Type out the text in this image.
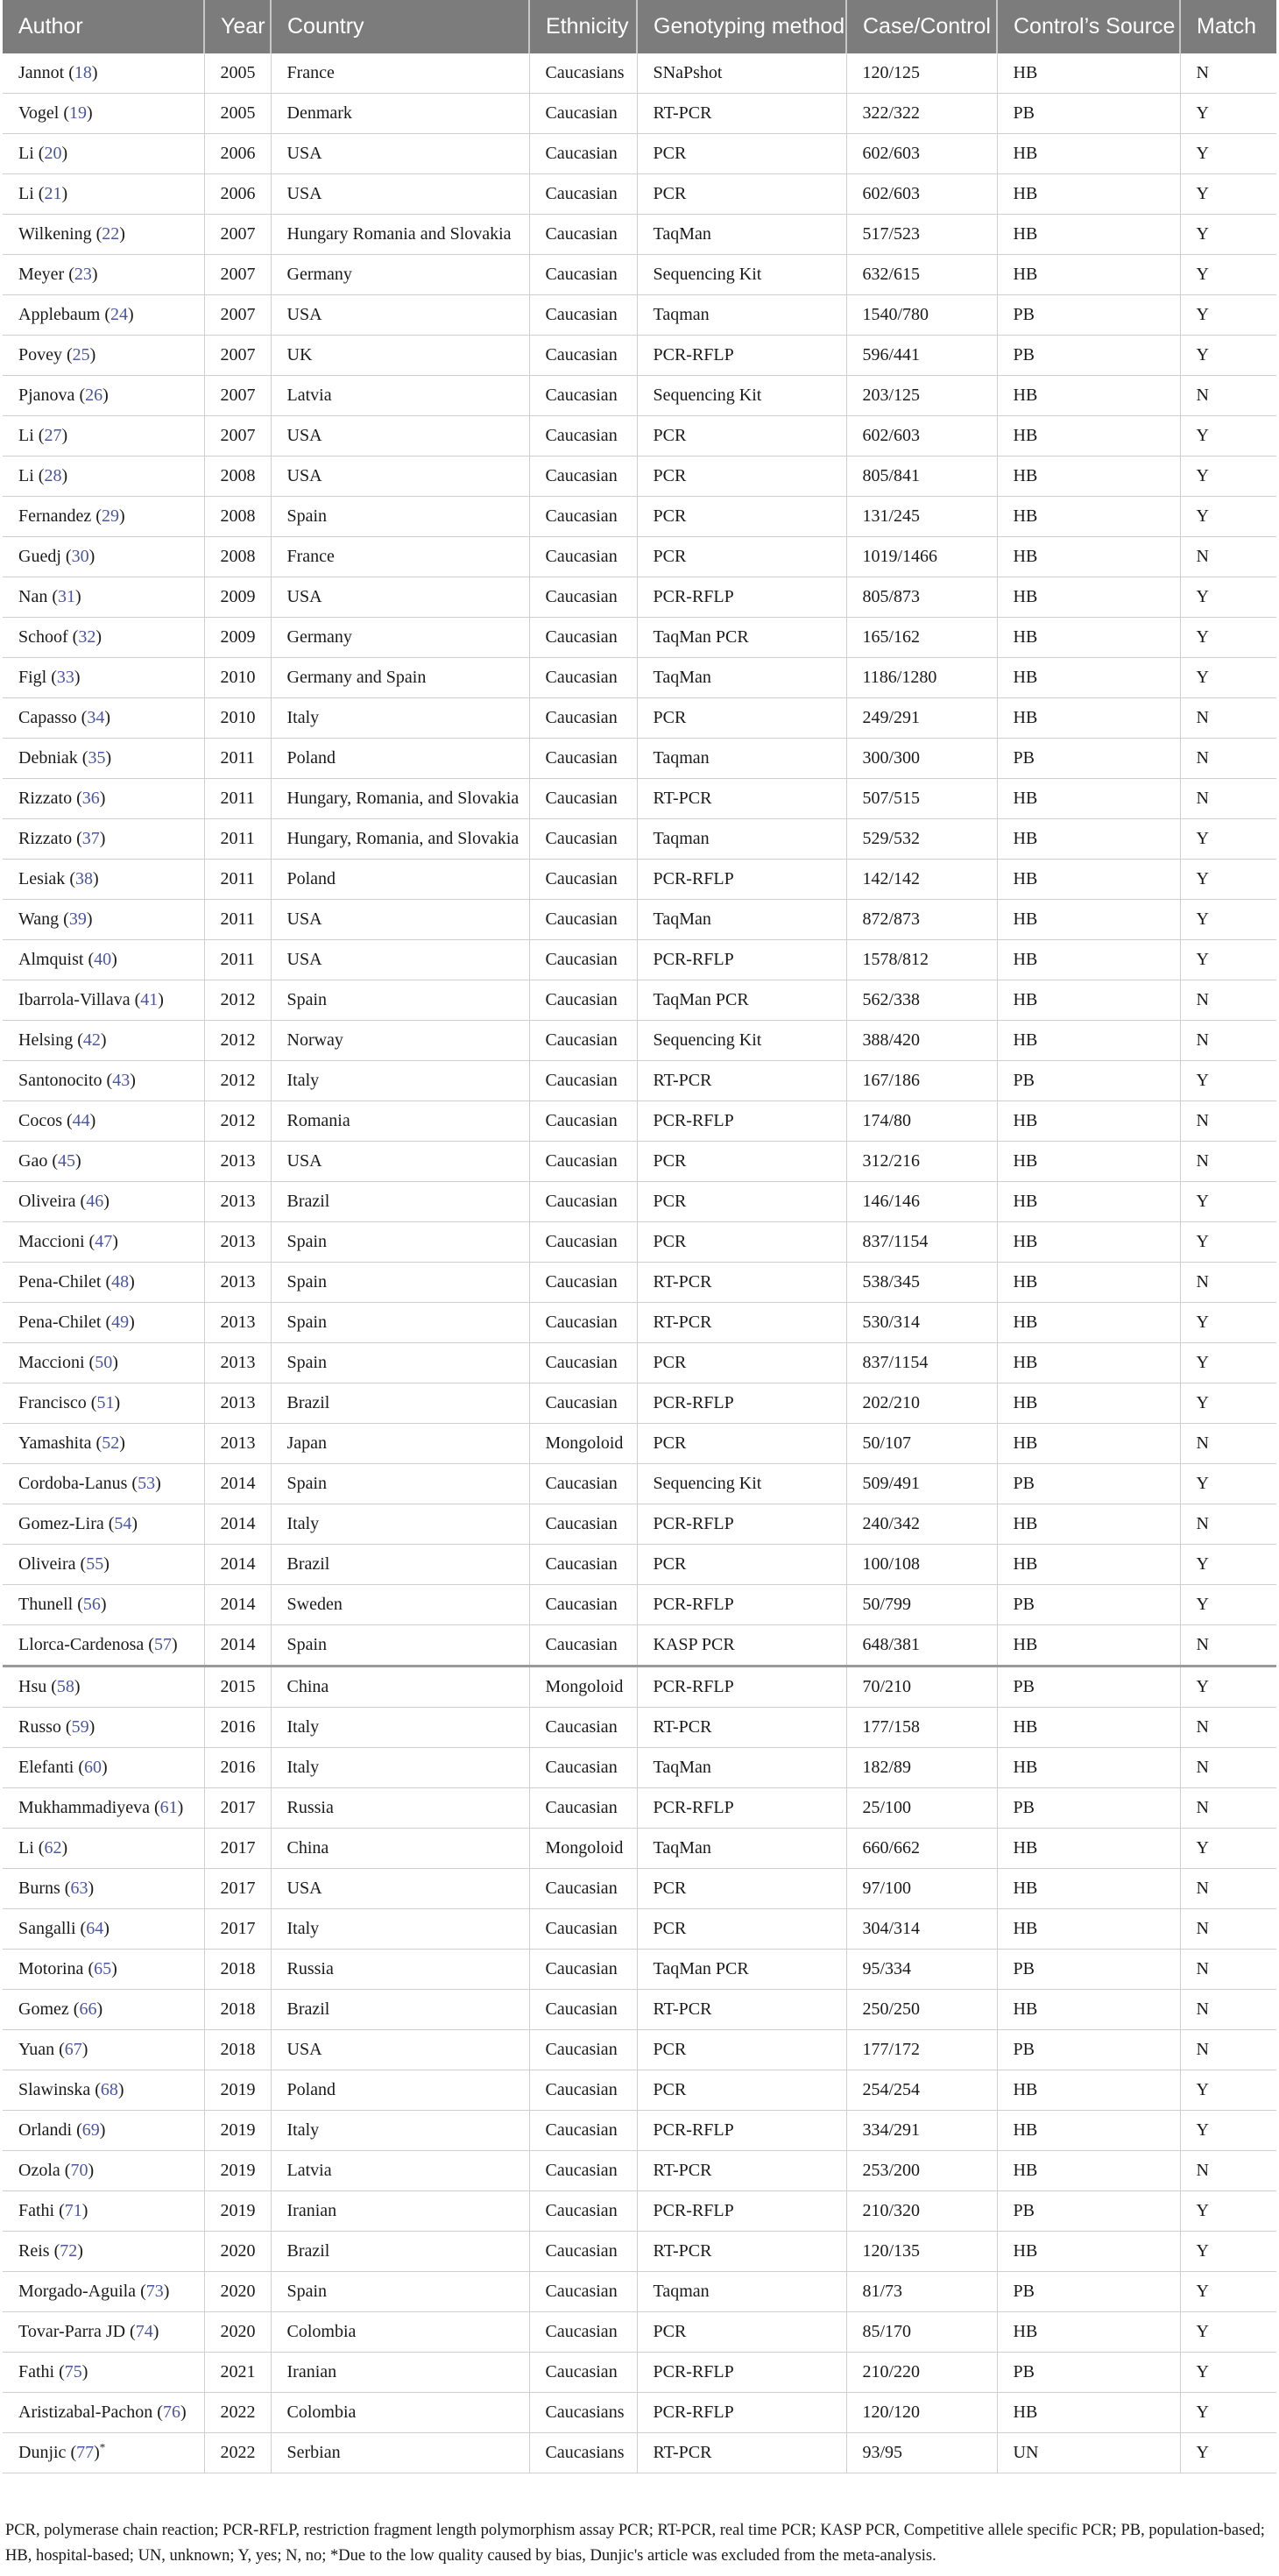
Author	Year	Country	Ethnicity	Genotyping method	Case/Control	Control’s Source	Match
Jannot (18)	2005	France	Caucasians	SNaPshot	120/125	HB	N
Vogel (19)	2005	Denmark	Caucasian	RT-PCR	322/322	PB	Y
Li (20)	2006	USA	Caucasian	PCR	602/603	HB	Y
Li (21)	2006	USA	Caucasian	PCR	602/603	HB	Y
Wilkening (22)	2007	Hungary Romania and Slovakia	Caucasian	TaqMan	517/523	HB	Y
Meyer (23)	2007	Germany	Caucasian	Sequencing Kit	632/615	HB	Y
Applebaum (24)	2007	USA	Caucasian	Taqman	1540/780	PB	Y
Povey (25)	2007	UK	Caucasian	PCR-RFLP	596/441	PB	Y
Pjanova (26)	2007	Latvia	Caucasian	Sequencing Kit	203/125	HB	N
Li (27)	2007	USA	Caucasian	PCR	602/603	HB	Y
Li (28)	2008	USA	Caucasian	PCR	805/841	HB	Y
Fernandez (29)	2008	Spain	Caucasian	PCR	131/245	HB	Y
Guedj (30)	2008	France	Caucasian	PCR	1019/1466	HB	N
Nan (31)	2009	USA	Caucasian	PCR-RFLP	805/873	HB	Y
Schoof (32)	2009	Germany	Caucasian	TaqMan PCR	165/162	HB	Y
Figl (33)	2010	Germany and Spain	Caucasian	TaqMan	1186/1280	HB	Y
Capasso (34)	2010	Italy	Caucasian	PCR	249/291	HB	N
Debniak (35)	2011	Poland	Caucasian	Taqman	300/300	PB	N
Rizzato (36)	2011	Hungary, Romania, and Slovakia	Caucasian	RT-PCR	507/515	HB	N
Rizzato (37)	2011	Hungary, Romania, and Slovakia	Caucasian	Taqman	529/532	HB	Y
Lesiak (38)	2011	Poland	Caucasian	PCR-RFLP	142/142	HB	Y
Wang (39)	2011	USA	Caucasian	TaqMan	872/873	HB	Y
Almquist (40)	2011	USA	Caucasian	PCR-RFLP	1578/812	HB	Y
Ibarrola-Villava (41)	2012	Spain	Caucasian	TaqMan PCR	562/338	HB	N
Helsing (42)	2012	Norway	Caucasian	Sequencing Kit	388/420	HB	N
Santonocito (43)	2012	Italy	Caucasian	RT-PCR	167/186	PB	Y
Cocos (44)	2012	Romania	Caucasian	PCR-RFLP	174/80	HB	N
Gao (45)	2013	USA	Caucasian	PCR	312/216	HB	N
Oliveira (46)	2013	Brazil	Caucasian	PCR	146/146	HB	Y
Maccioni (47)	2013	Spain	Caucasian	PCR	837/1154	HB	Y
Pena-Chilet (48)	2013	Spain	Caucasian	RT-PCR	538/345	HB	N
Pena-Chilet (49)	2013	Spain	Caucasian	RT-PCR	530/314	HB	Y
Maccioni (50)	2013	Spain	Caucasian	PCR	837/1154	HB	Y
Francisco (51)	2013	Brazil	Caucasian	PCR-RFLP	202/210	HB	Y
Yamashita (52)	2013	Japan	Mongoloid	PCR	50/107	HB	N
Cordoba-Lanus (53)	2014	Spain	Caucasian	Sequencing Kit	509/491	PB	Y
Gomez-Lira (54)	2014	Italy	Caucasian	PCR-RFLP	240/342	HB	N
Oliveira (55)	2014	Brazil	Caucasian	PCR	100/108	HB	Y
Thunell (56)	2014	Sweden	Caucasian	PCR-RFLP	50/799	PB	Y
Llorca-Cardenosa (57)	2014	Spain	Caucasian	KASP PCR	648/381	HB	N
Hsu (58)	2015	China	Mongoloid	PCR-RFLP	70/210	PB	Y
Russo (59)	2016	Italy	Caucasian	RT-PCR	177/158	HB	N
Elefanti (60)	2016	Italy	Caucasian	TaqMan	182/89	HB	N
Mukhammadiyeva (61)	2017	Russia	Caucasian	PCR-RFLP	25/100	PB	N
Li (62)	2017	China	Mongoloid	TaqMan	660/662	HB	Y
Burns (63)	2017	USA	Caucasian	PCR	97/100	HB	N
Sangalli (64)	2017	Italy	Caucasian	PCR	304/314	HB	N
Motorina (65)	2018	Russia	Caucasian	TaqMan PCR	95/334	PB	N
Gomez (66)	2018	Brazil	Caucasian	RT-PCR	250/250	HB	N
Yuan (67)	2018	USA	Caucasian	PCR	177/172	PB	N
Slawinska (68)	2019	Poland	Caucasian	PCR	254/254	HB	Y
Orlandi (69)	2019	Italy	Caucasian	PCR-RFLP	334/291	HB	Y
Ozola (70)	2019	Latvia	Caucasian	RT-PCR	253/200	HB	N
Fathi (71)	2019	Iranian	Caucasian	PCR-RFLP	210/320	PB	Y
Reis (72)	2020	Brazil	Caucasian	RT-PCR	120/135	HB	Y
Morgado-Aguila (73)	2020	Spain	Caucasian	Taqman	81/73	PB	Y
Tovar-Parra JD (74)	2020	Colombia	Caucasian	PCR	85/170	HB	Y
Fathi (75)	2021	Iranian	Caucasian	PCR-RFLP	210/220	PB	Y
Aristizabal-Pachon (76)	2022	Colombia	Caucasians	PCR-RFLP	120/120	HB	Y
Dunjic (77)*	2022	Serbian	Caucasians	RT-PCR	93/95	UN	Y

PCR, polymerase chain reaction; PCR-RFLP, restriction fragment length polymorphism assay PCR; RT-PCR, real time PCR; KASP PCR, Competitive allele specific PCR; PB, population-based; HB, hospital-based; UN, unknown; Y, yes; N, no; *Due to the low quality caused by bias, Dunjic's article was excluded from the meta-analysis.
